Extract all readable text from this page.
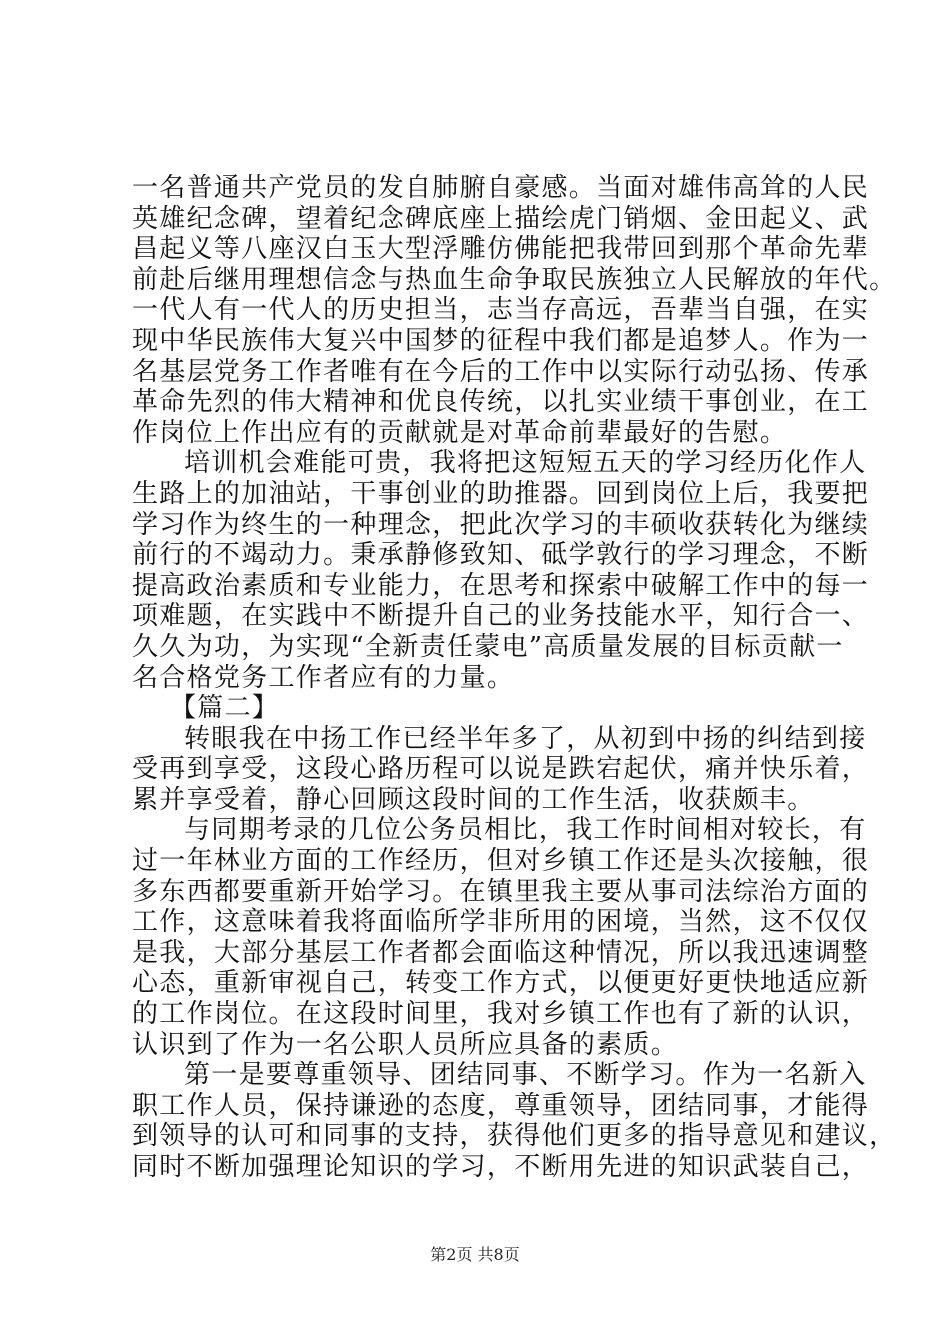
一名普通共产党员的发自肺腑自豪感。当面对雄伟高耸的人民
英雄纪念碑，望着纪念碑底座上描绘虎门销烟、金田起义、武
昌起义等八座汉白玉大型浮雕仿佛能把我带回到那个革命先辈
前赴后继用理想信念与热血生命争取民族独立人民解放的年代。
一代人有一代人的历史担当，志当存高远，吾辈当自强，在实
现中华民族伟大复兴中国梦的征程中我们都是追梦人。作为一
名基层党务工作者唯有在今后的工作中以实际行动弘扬、传承
革命先烈的伟大精神和优良传统，以扎实业绩干事创业，在工
作岗位上作出应有的贡献就是对革命前辈最好的告慰。
培训机会难能可贵，我将把这短短五天的学习经历化作人
生路上的加油站，干事创业的助推器。回到岗位上后，我要把
学习作为终生的一种理念，把此次学习的丰硕收获转化为继续
前行的不竭动力。秉承静修致知、砥学敦行的学习理念，不断
提高政治素质和专业能力，在思考和探索中破解工作中的每一
项难题，在实践中不断提升自己的业务技能水平，知行合一、
久久为功，为实现“全新责任蒙电”高质量发展的目标贡献一
名合格党务工作者应有的力量。
【篇二】
转眼我在中扬工作已经半年多了，从初到中扬的纠结到接
受再到享受，这段心路历程可以说是跌宕起伏，痛并快乐着，
累并享受着，静心回顾这段时间的工作生活，收获颇丰。
与同期考录的几位公务员相比，我工作时间相对较长，有
过一年林业方面的工作经历，但对乡镇工作还是头次接触，很
多东西都要重新开始学习。在镇里我主要从事司法综治方面的
工作，这意味着我将面临所学非所用的困境，当然，这不仅仅
是我，大部分基层工作者都会面临这种情况，所以我迅速调整
心态，重新审视自己，转变工作方式，以便更好更快地适应新
的工作岗位。在这段时间里，我对乡镇工作也有了新的认识，
认识到了作为一名公职人员所应具备的素质。
第一是要尊重领导、团结同事、不断学习。作为一名新入
职工作人员，保持谦逊的态度，尊重领导，团结同事，才能得
到领导的认可和同事的支持，获得他们更多的指导意见和建议，
同时不断加强理论知识的学习，不断用先进的知识武装自己，
第2页 共8页
